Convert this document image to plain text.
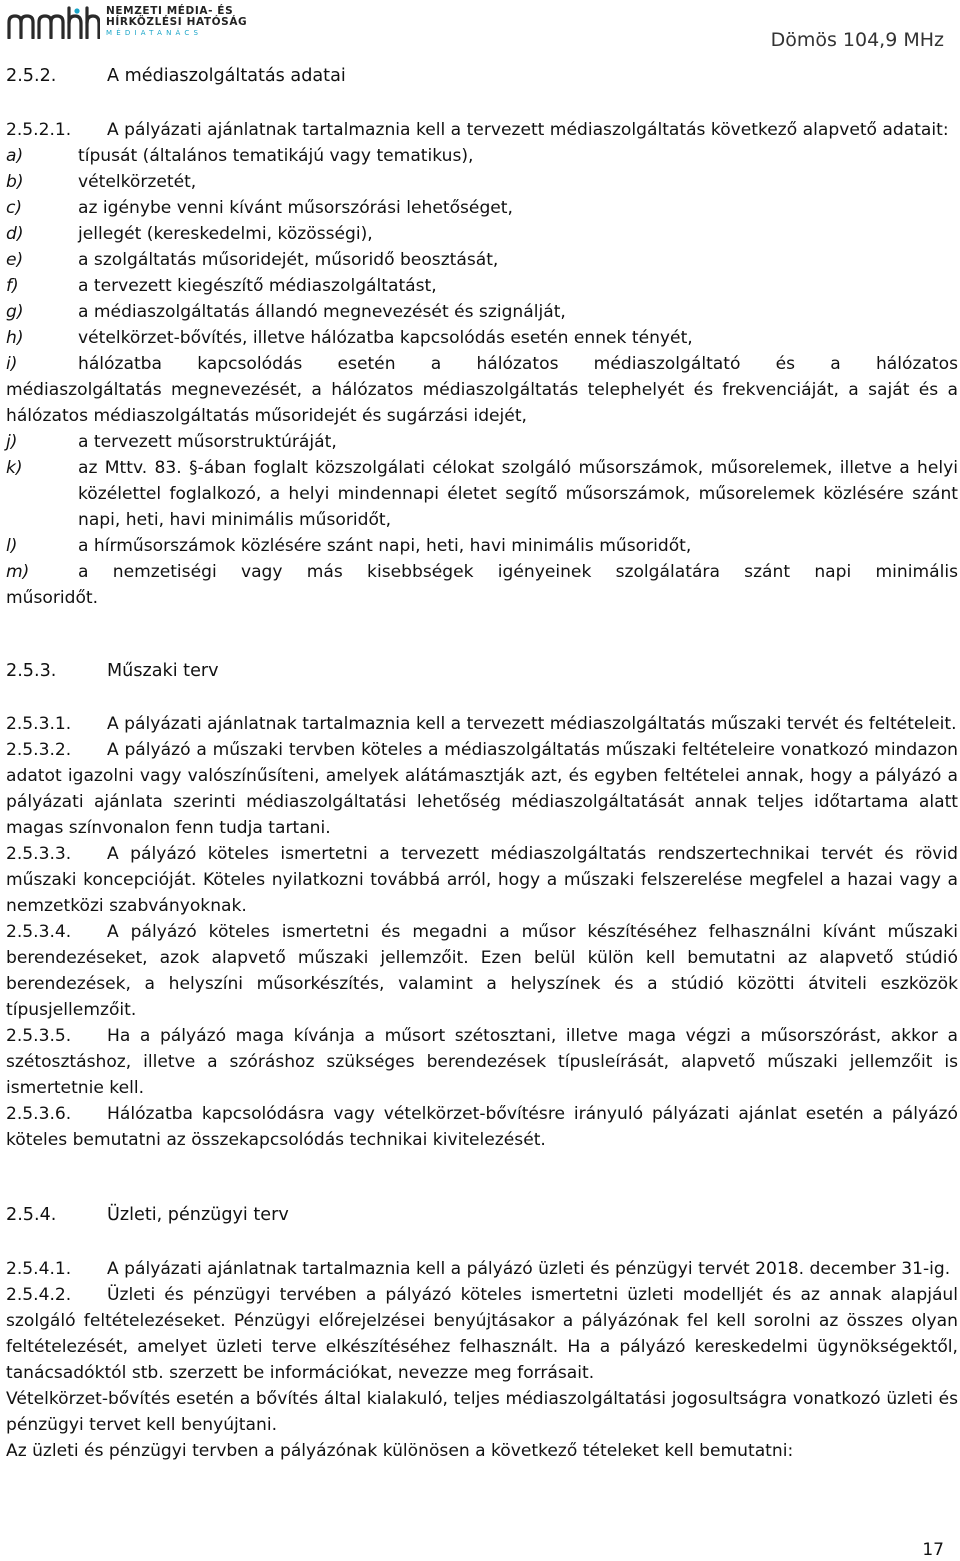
NEMZETI MÉDIA- ÉS
HÍRKÖZLÉSI HATÓSÁG
MÉDIATANÁCS	Dömös 104,9 MHz
2.5.2.	A médiaszolgáltatás adatai

2.5.2.1. A pályázati ajánlatnak tartalmaznia kell a tervezett médiaszolgáltatás következő alapvető adatait:

a)	típusát (általános tematikájú vagy tematikus),
b)	vételkörzetét,
c)	az igénybe venni kívánt műsorszórási lehetőséget,
d)	jellegét (kereskedelmi, közösségi),
e)	a szolgáltatás műsoridejét, műsoridő beosztását,
f)	a tervezett kiegészítő médiaszolgáltatást,
g)	a médiaszolgáltatás állandó megnevezését és szignálját,
h)	vételkörzet-bővítés, illetve hálózatba kapcsolódás esetén ennek tényét,
i)	hálózatba kapcsolódás esetén a hálózatos médiaszolgáltató és a hálózatos

médiaszolgáltatás megnevezését, a hálózatos médiaszolgáltatás telephelyét és frekvenciáját, a saját és a hálózatos médiaszolgáltatás műsoridejét és sugárzási idejét,

j)	a tervezett műsorstruktúráját,
k)	az Mttv. 83. §-ában foglalt közszolgálati célokat szolgáló műsorszámok, műsorelemek, illetve a helyi közélettel foglalkozó, a helyi mindennapi életet segítő műsorszámok, műsorelemek közlésére szánt napi, heti, havi minimális műsoridőt,
l)	a hírműsorszámok közlésére szánt napi, heti, havi minimális műsoridőt,
m)	a nemzetiségi vagy más kisebbségek igényeinek szolgálatára szánt napi minimális

műsoridőt.

2.5.3.	Műszaki terv

2.5.3.1. A pályázati ajánlatnak tartalmaznia kell a tervezett médiaszolgáltatás műszaki tervét és feltételeit.

2.5.3.2. A pályázó a műszaki tervben köteles a médiaszolgáltatás műszaki feltételeire vonatkozó mindazon adatot igazolni vagy valószínűsíteni, amelyek alátámasztják azt, és egyben feltételei annak, hogy a pályázó a pályázati ajánlata szerinti médiaszolgáltatási lehetőség médiaszolgáltatását annak teljes időtartama alatt magas színvonalon fenn tudja tartani.

2.5.3.3. A pályázó köteles ismertetni a tervezett médiaszolgáltatás rendszertechnikai tervét és rövid műszaki koncepcióját. Köteles nyilatkozni továbbá arról, hogy a műszaki felszerelése megfelel a hazai vagy a nemzetközi szabványoknak.

2.5.3.4. A pályázó köteles ismertetni és megadni a műsor készítéséhez felhasználni kívánt műszaki berendezéseket, azok alapvető műszaki jellemzőit. Ezen belül külön kell bemutatni az alapvető stúdió berendezések, a helyszíni műsorkészítés, valamint a helyszínek és a stúdió közötti átviteli eszközök típusjellemzőit.

2.5.3.5. Ha a pályázó maga kívánja a műsort szétosztani, illetve maga végzi a műsorszórást, akkor a szétosztáshoz, illetve a szóráshoz szükséges berendezések típusleírását, alapvető műszaki jellemzőit is ismertetnie kell.

2.5.3.6. Hálózatba kapcsolódásra vagy vételkörzet-bővítésre irányuló pályázati ajánlat esetén a pályázó köteles bemutatni az összekapcsolódás technikai kivitelezését.

2.5.4.	Üzleti, pénzügyi terv

2.5.4.1. A pályázati ajánlatnak tartalmaznia kell a pályázó üzleti és pénzügyi tervét 2018. december 31-ig.

2.5.4.2. Üzleti és pénzügyi tervében a pályázó köteles ismertetni üzleti modelljét és az annak alapjául szolgáló feltételezéseket. Pénzügyi előrejelzései benyújtásakor a pályázónak fel kell sorolni az összes olyan feltételezését, amelyet üzleti terve elkészítéséhez felhasznált. Ha a pályázó kereskedelmi ügynökségektől, tanácsadóktól stb. szerzett be információkat, nevezze meg forrásait.

Vételkörzet-bővítés esetén a bővítés által kialakuló, teljes médiaszolgáltatási jogosultságra vonatkozó üzleti és pénzügyi tervet kell benyújtani.

Az üzleti és pénzügyi tervben a pályázónak különösen a következő tételeket kell bemutatni:

17
